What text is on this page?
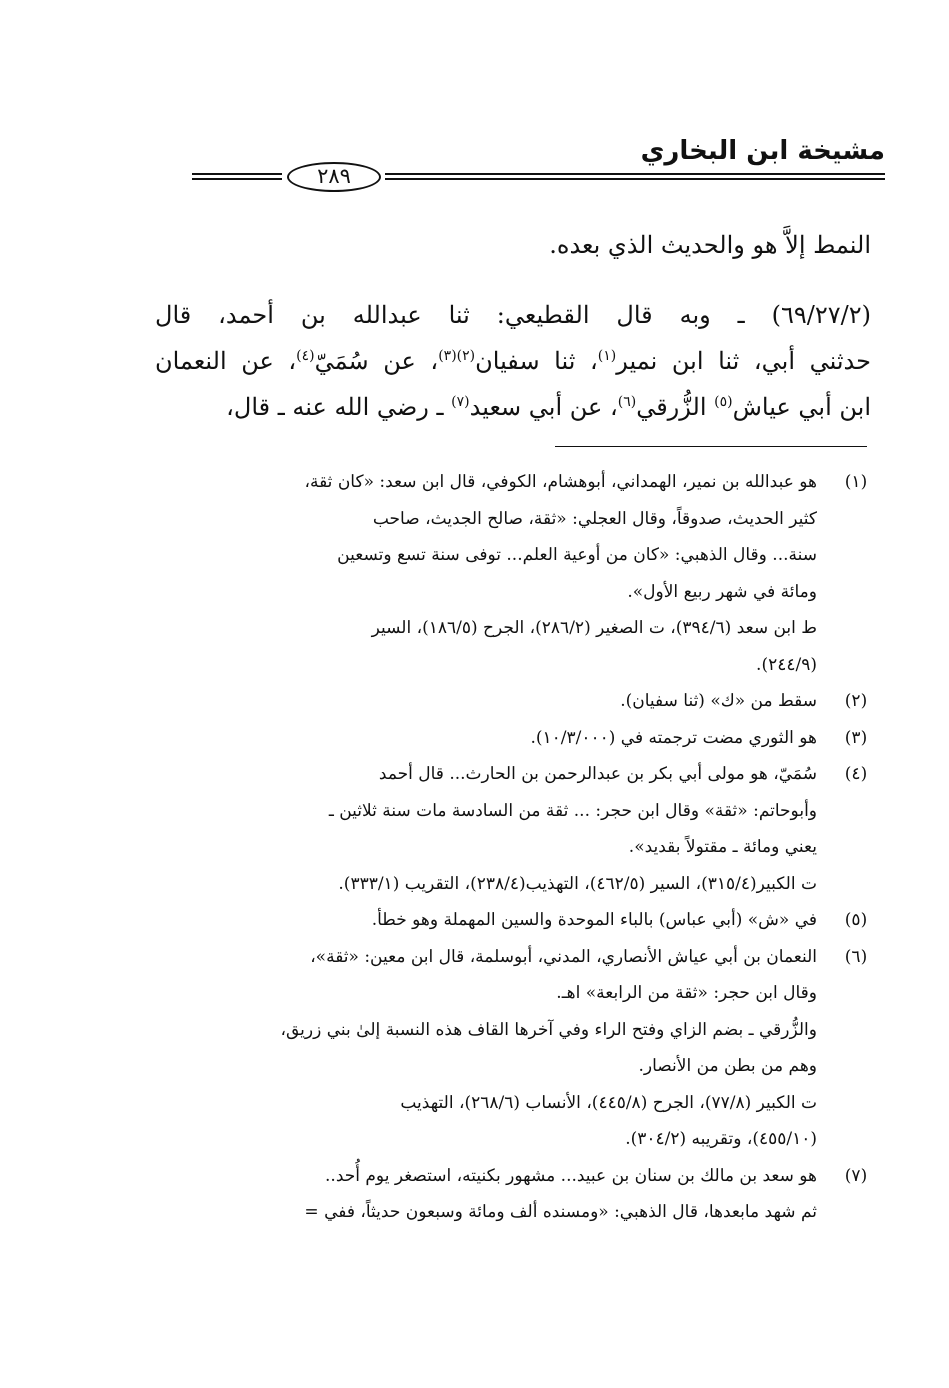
مشيخة ابن البخاري
٢٨٩

النمط إلاَّ هو والحديث الذي بعده.

(٦٩/٢٧/٢) ـ وبه قال القطيعي: ثنا عبدالله بن أحمد، قال

حدثني أبي، ثنا ابن نمير$^{(١)}$، ثنا سفيان$^{(٢)(٣)}$، عن سُمَيّ$^{(٤)}$، عن النعمان

ابن أبي عياش$^{(٥)}$ الزُّرقي$^{(٦)}$، عن أبي سعيد$^{(٧)}$ ـ رضي الله عنه ـ قال،

(١)
هو عبدالله بن نمير، الهمداني، أبوهشام، الكوفي، قال ابن سعد: «كان ثقة،
كثير الحديث، صدوقاً، وقال العجلي: «ثقة، صالح الجديث، صاحب
سنة... وقال الذهبي: «كان من أوعية العلم... توفى سنة تسع وتسعين
ومائة في شهر ربيع الأول».
ط ابن سعد (٣٩٤/٦)، ت الصغير (٢٨٦/٢)، الجرح (١٨٦/٥)، السير
(٢٤٤/٩).
(٢)
سقط من «ك» (ثنا سفيان).
(٣)
هو الثوري مضت ترجمته في (١٠/٣/٠٠٠).
(٤)
سُمَيّ، هو مولى أبي بكر بن عبدالرحمن بن الحارث... قال أحمد
وأبوحاتم: «ثقة» وقال ابن حجر: ... ثقة من السادسة مات سنة ثلاثين ـ
يعني ومائة ـ مقتولاً بقديد».
ت الكبير(٣١٥/٤)، السير (٤٦٢/٥)، التهذيب(٢٣٨/٤)، التقريب (٣٣٣/١).
(٥)
في «ش» (أبي عباس) بالباء الموحدة والسين المهملة وهو خطأ.
(٦)
النعمان بن أبي عياش الأنصاري، المدني، أبوسلمة، قال ابن معين: «ثقة»،
وقال ابن حجر: «ثقة من الرابعة» اهـ.
والزُّرقي ـ بضم الزاي وفتح الراء وفي آخرها القاف هذه النسبة إلىٰ بني زريق،
وهم من بطن من الأنصار.
ت الكبير (٧٧/٨)، الجرح (٤٤٥/٨)، الأنساب (٢٦٨/٦)، التهذيب
(٤٥٥/١٠)، وتقريبه (٣٠٤/٢).
(٧)
هو سعد بن مالك بن سنان بن عبيد... مشهور بكنيته، استصغر يوم أُحد..
ثم شهد مابعدها، قال الذهبي: «ومسنده ألف ومائة وسبعون حديثاً، ففي =
